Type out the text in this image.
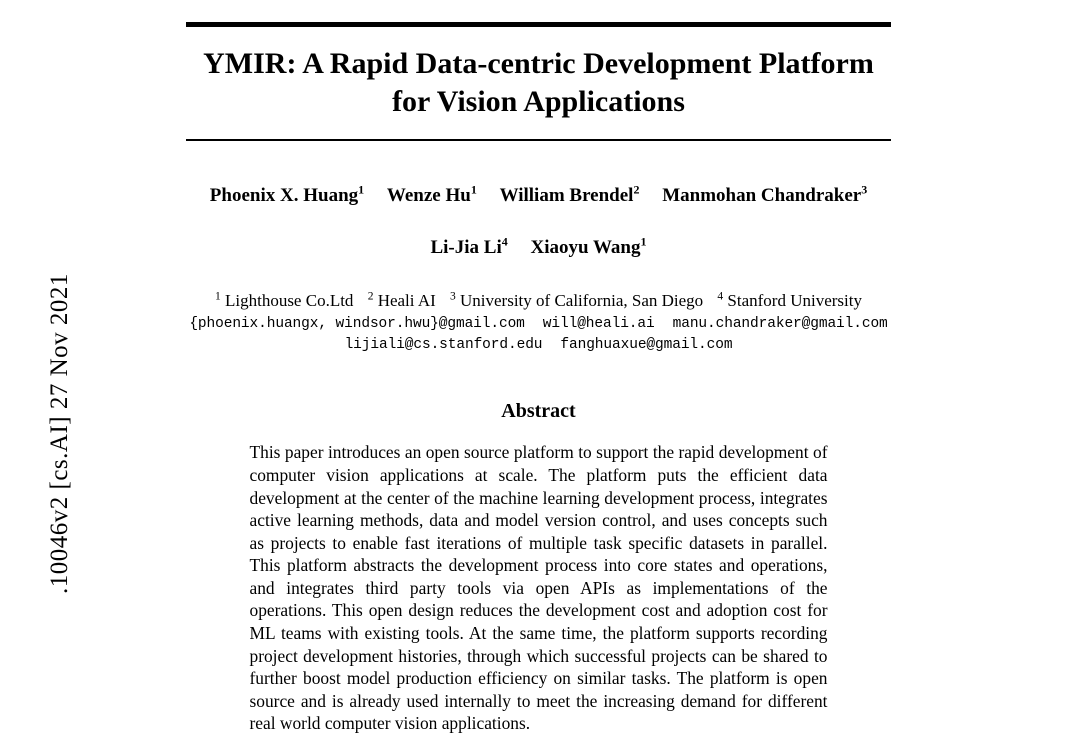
.10046v2 [cs.AI] 27 Nov 2021
YMIR: A Rapid Data-centric Development Platform
for Vision Applications
Phoenix X. Huang$^1$ Wenze Hu$^1$ William Brendel$^2$ Manmohan Chandraker$^3$
Li-Jia Li$^4$ Xiaoyu Wang$^1$
$^1$ Lighthouse Co.Ltd $^2$ Heali AI $^3$ University of California, San Diego $^4$ Stanford University
{phoenix.huangx, windsor.hwu}@gmail.com will@heali.ai manu.chandraker@gmail.com
lijiali@cs.stanford.edu fanghuaxue@gmail.com
Abstract
This paper introduces an open source platform to support the rapid development of computer vision applications at scale. The platform puts the efficient data development at the center of the machine learning development process, integrates active learning methods, data and model version control, and uses concepts such as projects to enable fast iterations of multiple task specific datasets in parallel. This platform abstracts the development process into core states and operations, and integrates third party tools via open APIs as implementations of the operations. This open design reduces the development cost and adoption cost for ML teams with existing tools. At the same time, the platform supports recording project development histories, through which successful projects can be shared to further boost model production efficiency on similar tasks. The platform is open source and is already used internally to meet the increasing demand for different real world computer vision applications.
